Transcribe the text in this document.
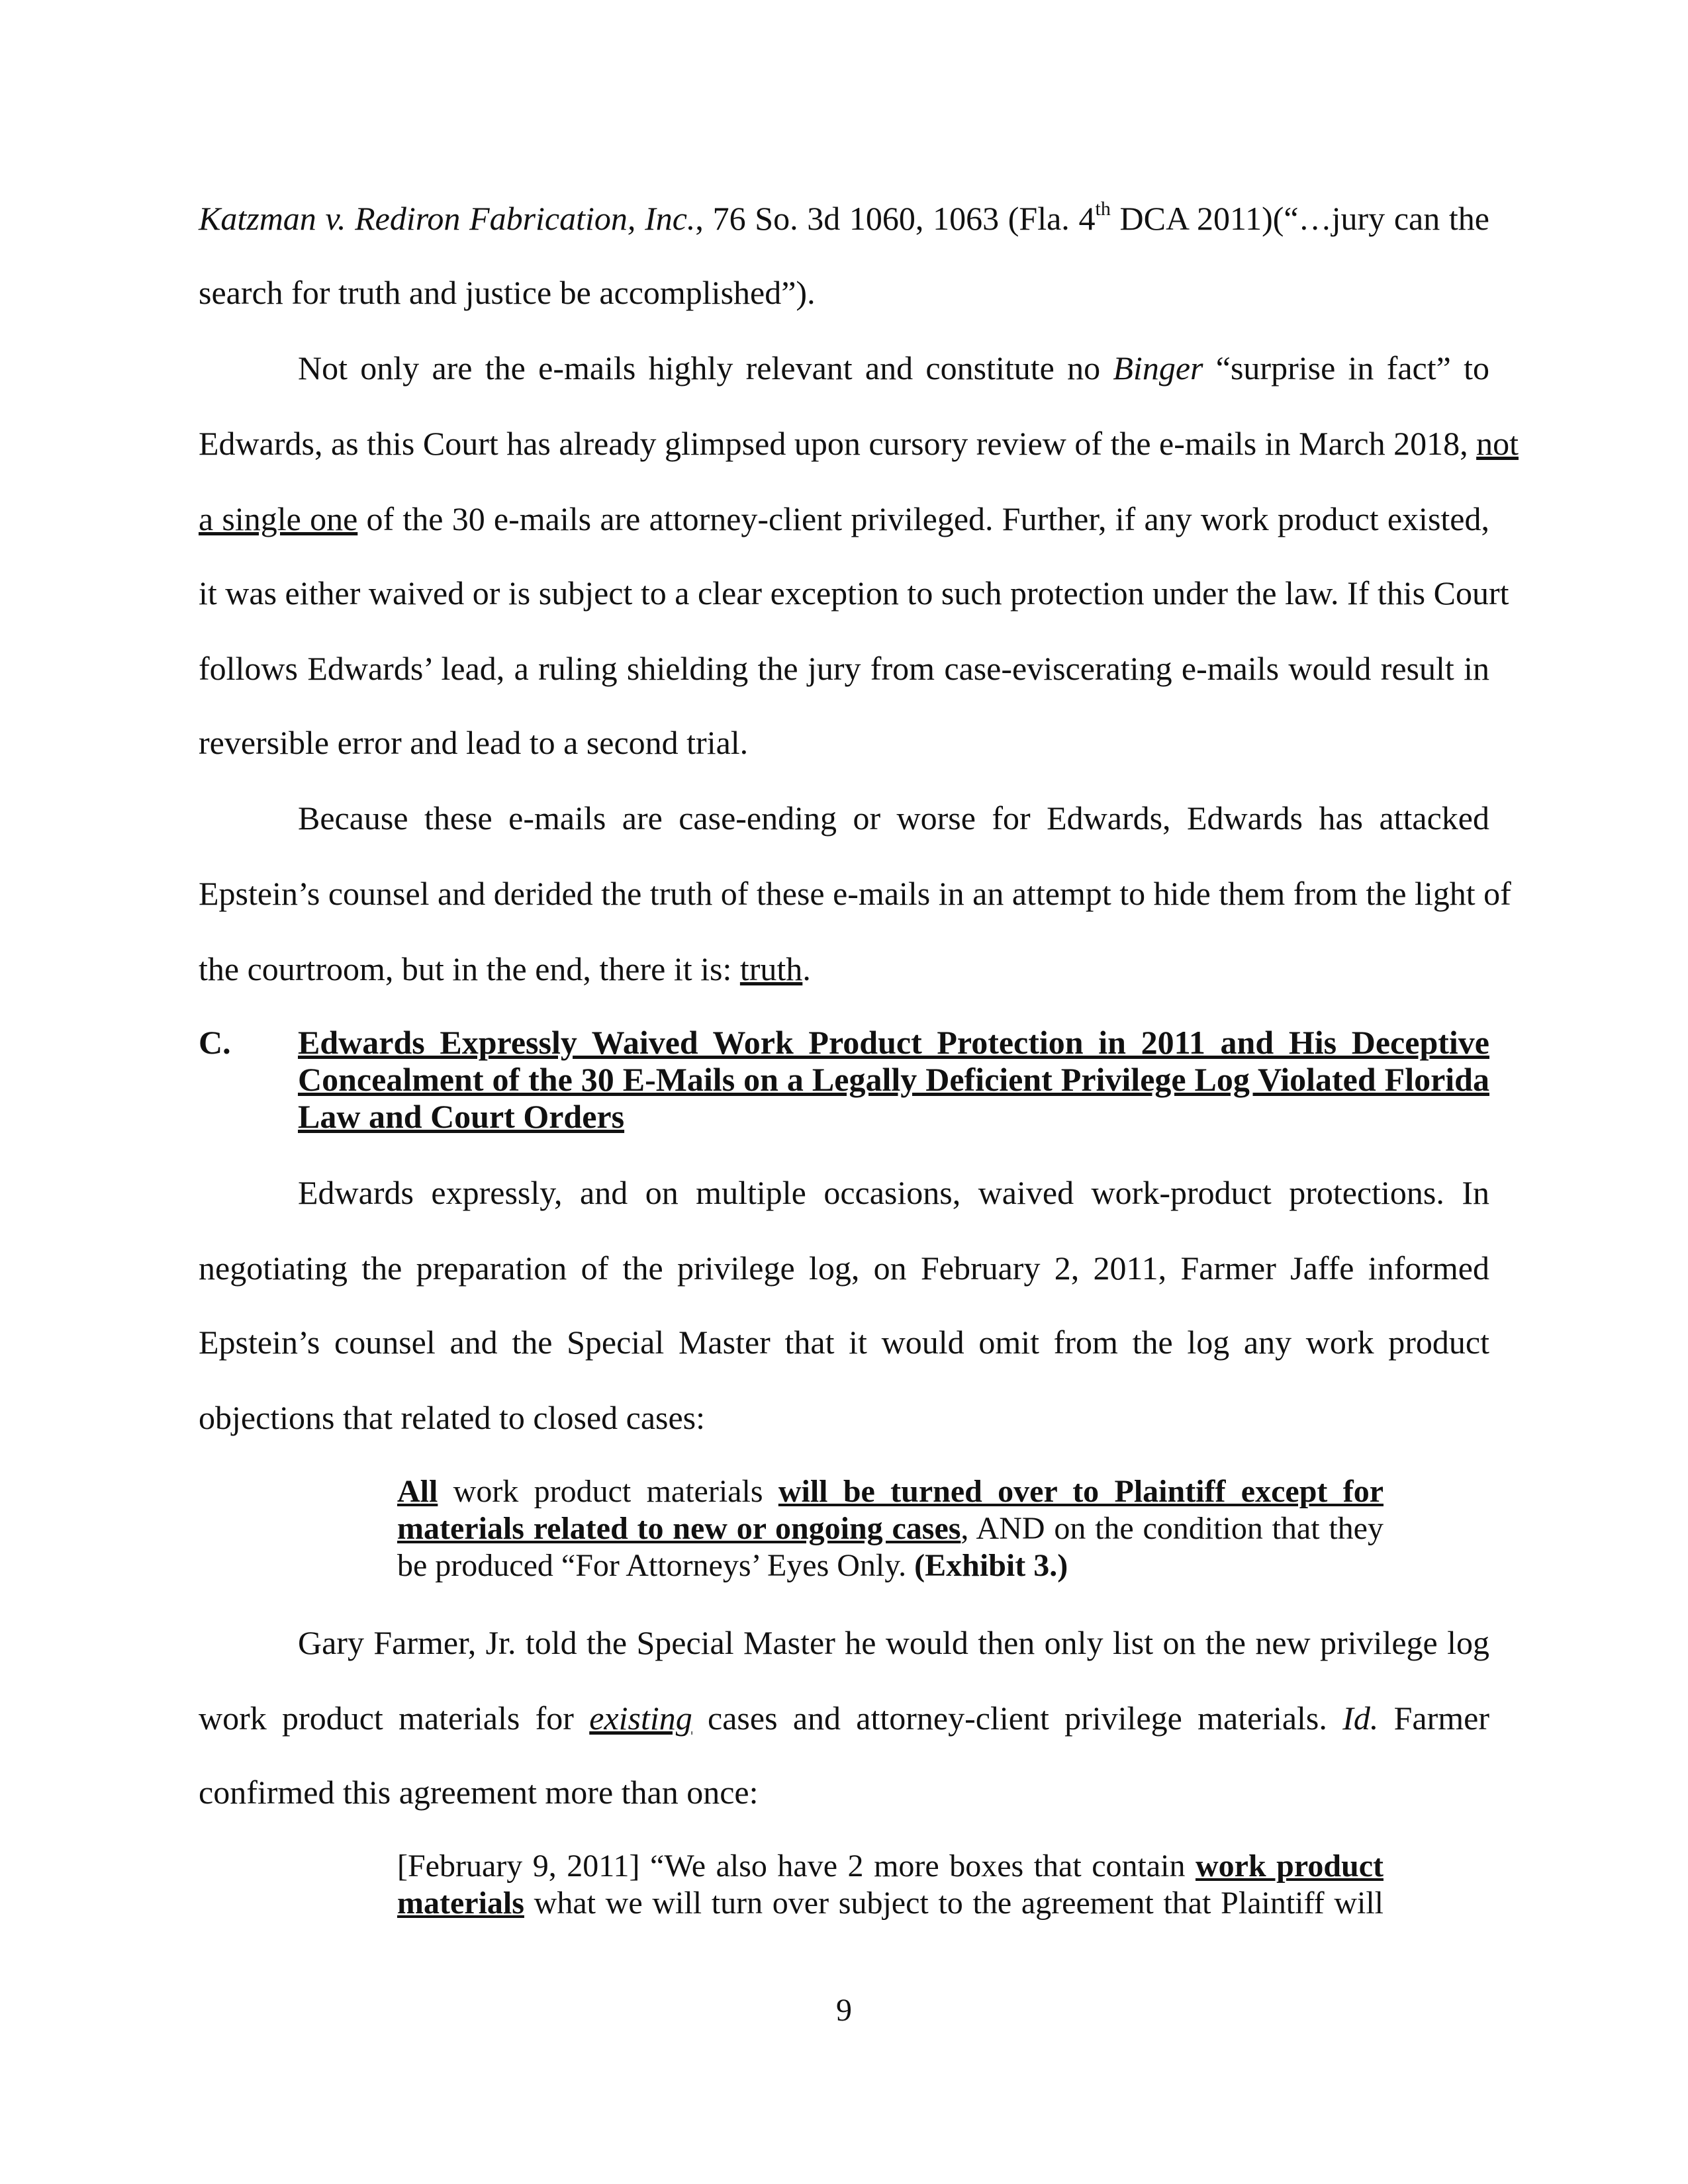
Katzman v. Rediron Fabrication, Inc., 76 So. 3d 1060, 1063 (Fla. 4th DCA 2011)(“…jury can the
search for truth and justice be accomplished”).
Not only are the e-mails highly relevant and constitute no Binger “surprise in fact” to
Edwards, as this Court has already glimpsed upon cursory review of the e-mails in March 2018, not
a single one of the 30 e-mails are attorney-client privileged. Further, if any work product existed,
it was either waived or is subject to a clear exception to such protection under the law. If this Court
follows Edwards’ lead, a ruling shielding the jury from case-eviscerating e-mails would result in
reversible error and lead to a second trial.
Because these e-mails are case-ending or worse for Edwards, Edwards has attacked
Epstein’s counsel and derided the truth of these e-mails in an attempt to hide them from the light of
the courtroom, but in the end, there it is: truth.
C. Edwards Expressly Waived Work Product Protection in 2011 and His Deceptive
Concealment of the 30 E-Mails on a Legally Deficient Privilege Log Violated Florida
Law and Court Orders
Edwards expressly, and on multiple occasions, waived work-product protections. In
negotiating the preparation of the privilege log, on February 2, 2011, Farmer Jaffe informed
Epstein’s counsel and the Special Master that it would omit from the log any work product
objections that related to closed cases:
All work product materials will be turned over to Plaintiff except for
materials related to new or ongoing cases, AND on the condition that they
be produced “For Attorneys’ Eyes Only. (Exhibit 3.)
Gary Farmer, Jr. told the Special Master he would then only list on the new privilege log
work product materials for existing cases and attorney-client privilege materials. Id. Farmer
confirmed this agreement more than once:
[February 9, 2011] “We also have 2 more boxes that contain work product
materials what we will turn over subject to the agreement that Plaintiff will
9
